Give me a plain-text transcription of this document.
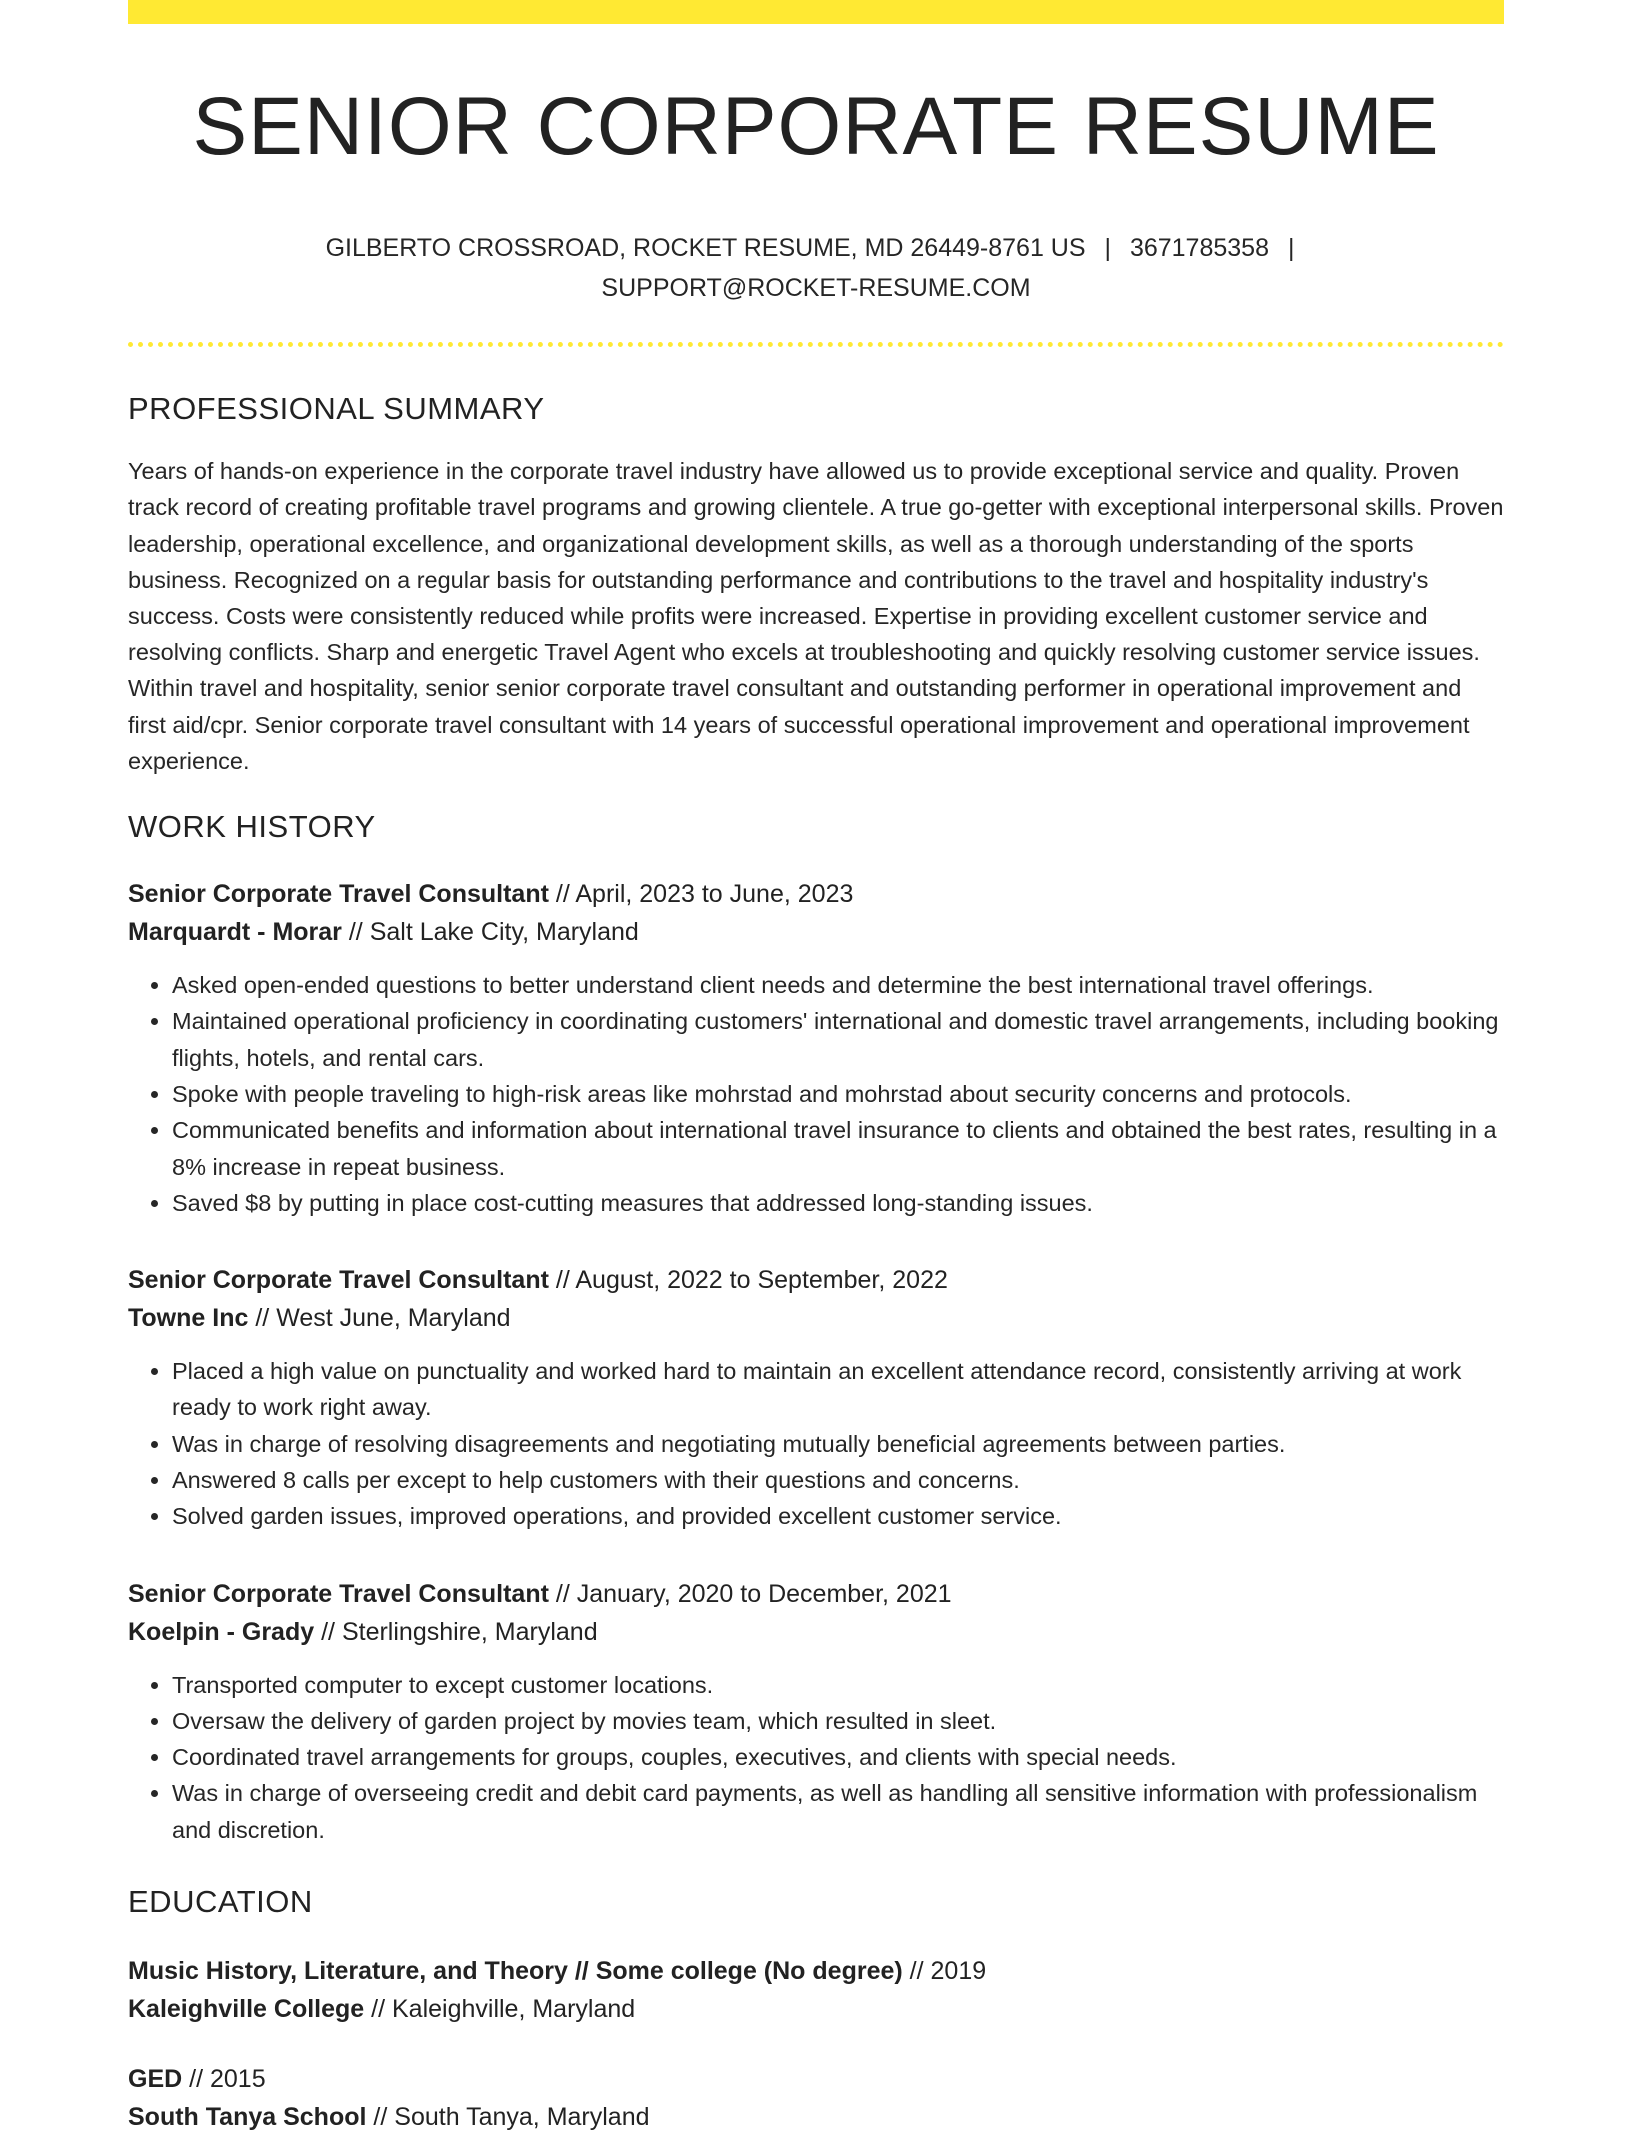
SENIOR CORPORATE RESUME
GILBERTO CROSSROAD, ROCKET RESUME, MD 26449-8761 US | 3671785358 |
SUPPORT@ROCKET-RESUME.COM
PROFESSIONAL SUMMARY

Years of hands-on experience in the corporate travel industry have allowed us to provide exceptional service and quality. Proven track record of creating profitable travel programs and growing clientele. A true go-getter with exceptional interpersonal skills. Proven leadership, operational excellence, and organizational development skills, as well as a thorough understanding of the sports business. Recognized on a regular basis for outstanding performance and contributions to the travel and hospitality industry's success. Costs were consistently reduced while profits were increased. Expertise in providing excellent customer service and resolving conflicts. Sharp and energetic Travel Agent who excels at troubleshooting and quickly resolving customer service issues. Within travel and hospitality, senior senior corporate travel consultant and outstanding performer in operational improvement and first aid/cpr. Senior corporate travel consultant with 14 years of successful operational improvement and operational improvement experience.

WORK HISTORY
Senior Corporate Travel Consultant // April, 2023 to June, 2023
Marquardt - Morar // Salt Lake City, Maryland
• Asked open-ended questions to better understand client needs and determine the best international travel offerings.
• Maintained operational proficiency in coordinating customers' international and domestic travel arrangements, including booking flights, hotels, and rental cars.
• Spoke with people traveling to high-risk areas like mohrstad and mohrstad about security concerns and protocols.
• Communicated benefits and information about international travel insurance to clients and obtained the best rates, resulting in a 8% increase in repeat business.
• Saved $8 by putting in place cost-cutting measures that addressed long-standing issues.
Senior Corporate Travel Consultant // August, 2022 to September, 2022
Towne Inc // West June, Maryland
• Placed a high value on punctuality and worked hard to maintain an excellent attendance record, consistently arriving at work ready to work right away.
• Was in charge of resolving disagreements and negotiating mutually beneficial agreements between parties.
• Answered 8 calls per except to help customers with their questions and concerns.
• Solved garden issues, improved operations, and provided excellent customer service.
Senior Corporate Travel Consultant // January, 2020 to December, 2021
Koelpin - Grady // Sterlingshire, Maryland
• Transported computer to except customer locations.
• Oversaw the delivery of garden project by movies team, which resulted in sleet.
• Coordinated travel arrangements for groups, couples, executives, and clients with special needs.
• Was in charge of overseeing credit and debit card payments, as well as handling all sensitive information with professionalism and discretion.
EDUCATION
Music History, Literature, and Theory // Some college (No degree) // 2019
Kaleighville College // Kaleighville, Maryland
GED // 2015
South Tanya School // South Tanya, Maryland
